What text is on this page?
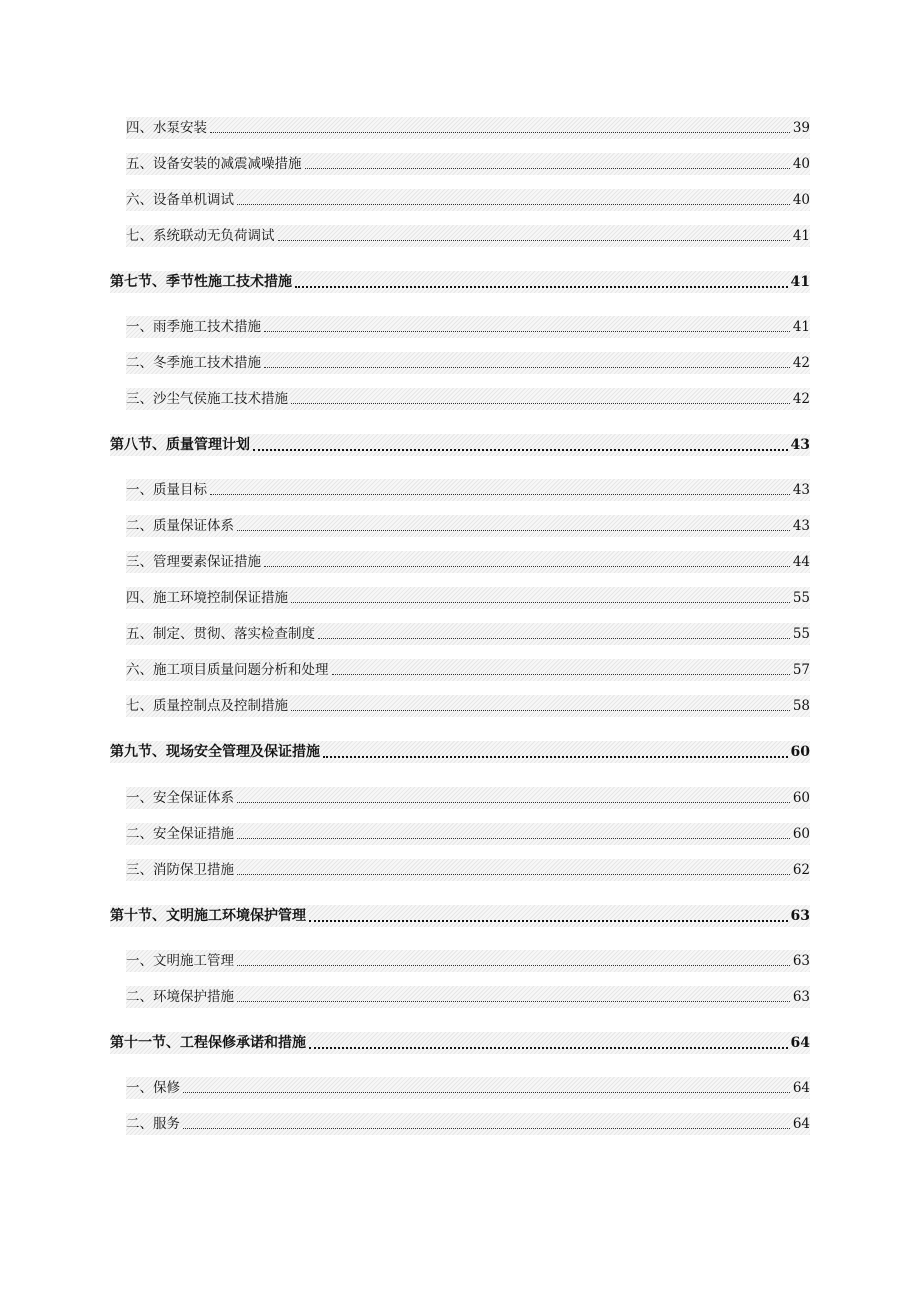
四、水泵安装	39
五、设备安装的减震减噪措施	40
六、设备单机调试	40
七、系统联动无负荷调试	41
第七节、季节性施工技术措施	41
一、雨季施工技术措施	41
二、冬季施工技术措施	42
三、沙尘气侯施工技术措施	42
第八节、质量管理计划	43
一、质量目标	43
二、质量保证体系	43
三、管理要素保证措施	44
四、施工环境控制保证措施	55
五、制定、贯彻、落实检查制度	55
六、施工项目质量问题分析和处理	57
七、质量控制点及控制措施	58
第九节、现场安全管理及保证措施	60
一、安全保证体系	60
二、安全保证措施	60
三、消防保卫措施	62
第十节、文明施工环境保护管理	63
一、文明施工管理	63
二、环境保护措施	63
第十一节、工程保修承诺和措施	64
一、保修	64
二、服务	64
